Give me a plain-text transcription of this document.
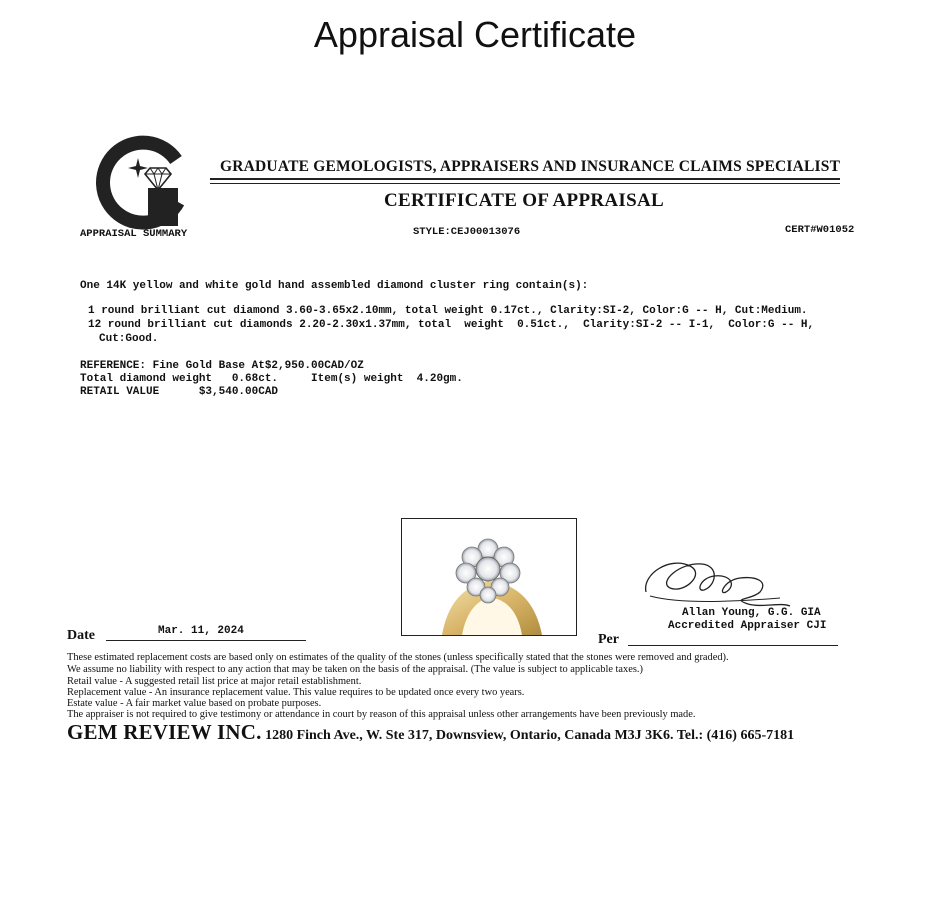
Appraisal Certificate
GRADUATE GEMOLOGISTS, APPRAISERS AND INSURANCE CLAIMS SPECIALIST
CERTIFICATE OF APPRAISAL
APPRAISAL SUMMARY	STYLE:CEJ00013076	CERT#W01052
One 14K yellow and white gold hand assembled diamond cluster ring contain(s):
1 round brilliant cut diamond 3.60-3.65x2.10mm, total weight 0.17ct., Clarity:SI-2, Color:G -- H, Cut:Medium.
12 round brilliant cut diamonds 2.20-2.30x1.37mm, total  weight  0.51ct.,  Clarity:SI-2 -- I-1,  Color:G -- H,
Cut:Good.
REFERENCE: Fine Gold Base At$2,950.00CAD/OZ
Total diamond weight   0.68ct.     Item(s) weight  4.20gm.
RETAIL VALUE      $3,540.00CAD
Allan Young, G.G. GIA
Accredited Appraiser CJI
Mar. 11, 2024
Date	Per
These estimated replacement costs are based only on estimates of the quality of the stones (unless specifically stated that the stones were removed and graded).
We assume no liability with respect to any action that may be taken on the basis of the appraisal. (The value is subject to applicable taxes.)
Retail value - A suggested retail list price at major retail establishment.
Replacement value - An insurance replacement value. This value requires to be updated once every two years.
Estate value - A fair market value based on probate purposes.
The appraiser is not required to give testimony or attendance in court by reason of this appraisal unless other arrangements have been previously made.
GEM REVIEW INC. 1280 Finch Ave., W. Ste 317, Downsview, Ontario, Canada M3J 3K6. Tel.: (416) 665-7181
